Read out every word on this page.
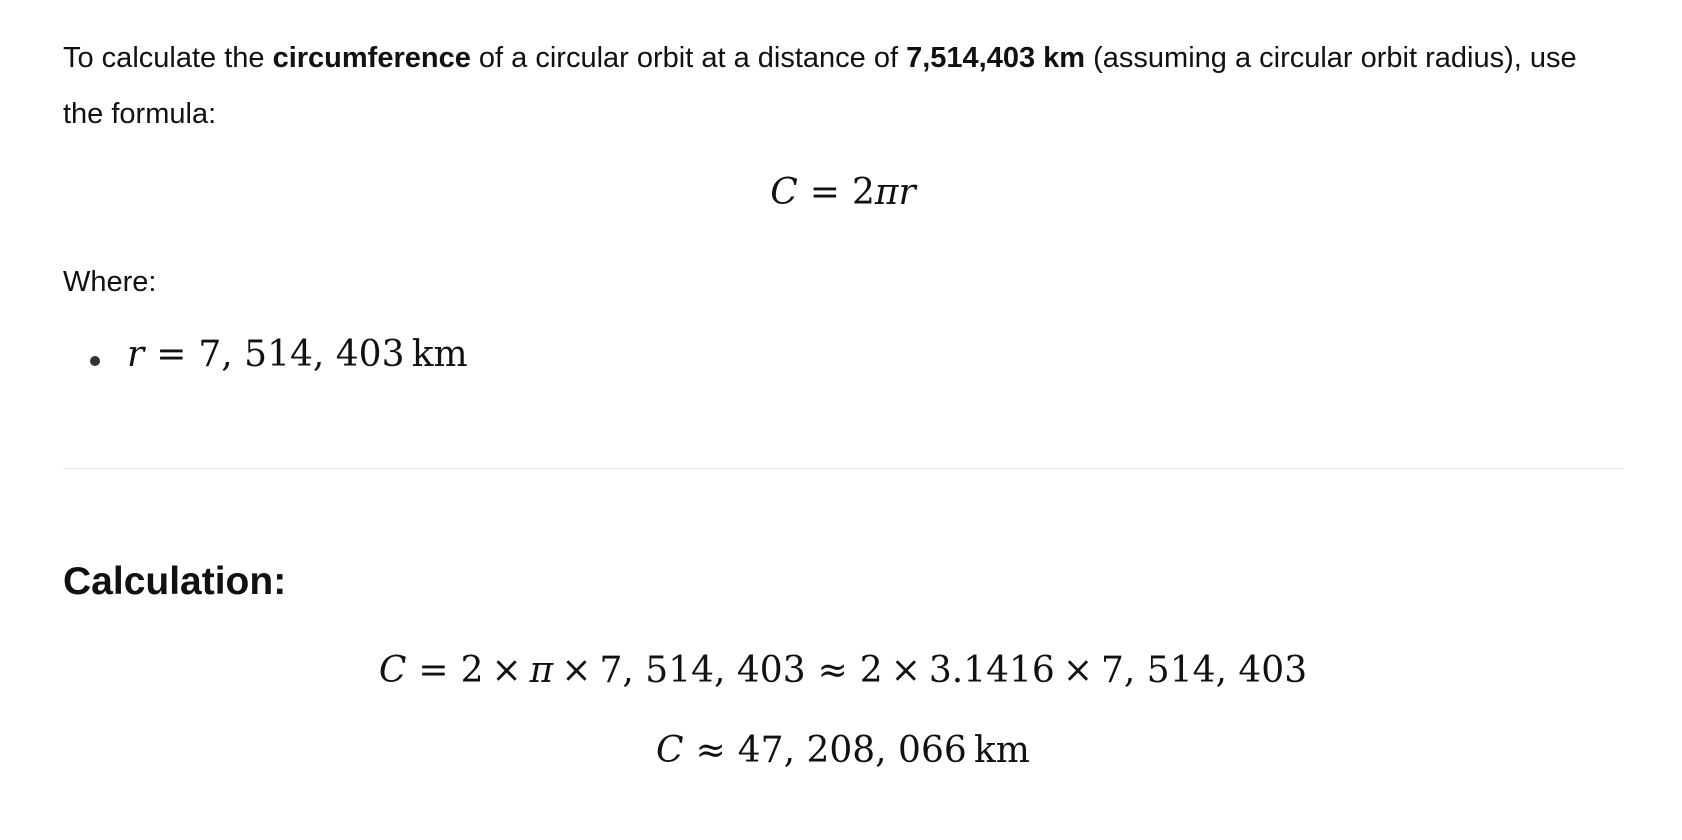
To calculate the circumference of a circular orbit at a distance of 7,514,403 km (assuming a circular orbit radius), use the formula:

C = 2πr

Where:

r = 7, 514, 403  km
Calculation:
C = 2 × π × 7, 514, 403 ≈ 2 × 3.1416 × 7, 514, 403
C ≈ 47, 208, 066  km
